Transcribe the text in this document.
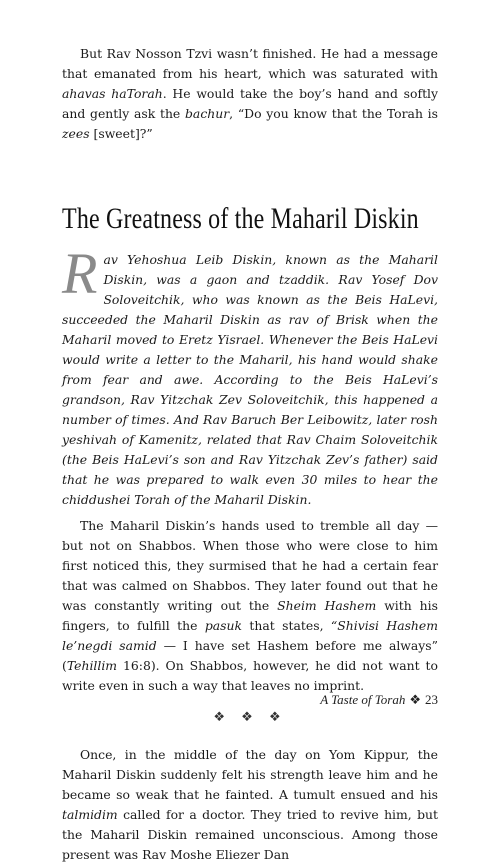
But Rav Nosson Tzvi wasn’t finished. He had a message that emanated from his heart, which was saturated with ahavas haTorah. He would take the boy’s hand and softly and gently ask the bachur, “Do you know that the Torah is zees [sweet]?”

The Greatness of the Maharil Diskin

Rav Yehoshua Leib Diskin, known as the Maharil Diskin, was a gaon and tzaddik. Rav Yosef Dov Soloveitchik, who was known as the Beis HaLevi, succeeded the Maharil Diskin as rav of Brisk when the Maharil moved to Eretz Yisrael. Whenever the Beis HaLevi would write a letter to the Maharil, his hand would shake from fear and awe. According to the Beis HaLevi’s grandson, Rav Yitzchak Zev Soloveitchik, this happened a number of times. And Rav Baruch Ber Leibowitz, later rosh yeshivah of Kamenitz, related that Rav Chaim Soloveitchik (the Beis HaLevi’s son and Rav Yitzchak Zev’s father) said that he was prepared to walk even 30 miles to hear the chiddushei Torah of the Maharil Diskin.

The Maharil Diskin’s hands used to tremble all day — but not on Shabbos. When those who were close to him first noticed this, they surmised that he had a certain fear that was calmed on Shabbos. They later found out that he was constantly writing out the Sheim Hashem with his fingers, to fulfill the pasuk that states, “Shivisi Hashem le’negdi samid — I have set Hashem before me always” (Tehillim 16:8). On Shabbos, however, he did not want to write even in such a way that leaves no imprint.

❖ ❖ ❖

Once, in the middle of the day on Yom Kippur, the Maharil Diskin suddenly felt his strength leave him and he became so weak that he fainted. A tumult ensued and his talmidim called for a doctor. They tried to revive him, but the Maharil Diskin remained unconscious. Among those present was Rav Moshe Eliezer Dan

A Taste of Torah ❖ 23
